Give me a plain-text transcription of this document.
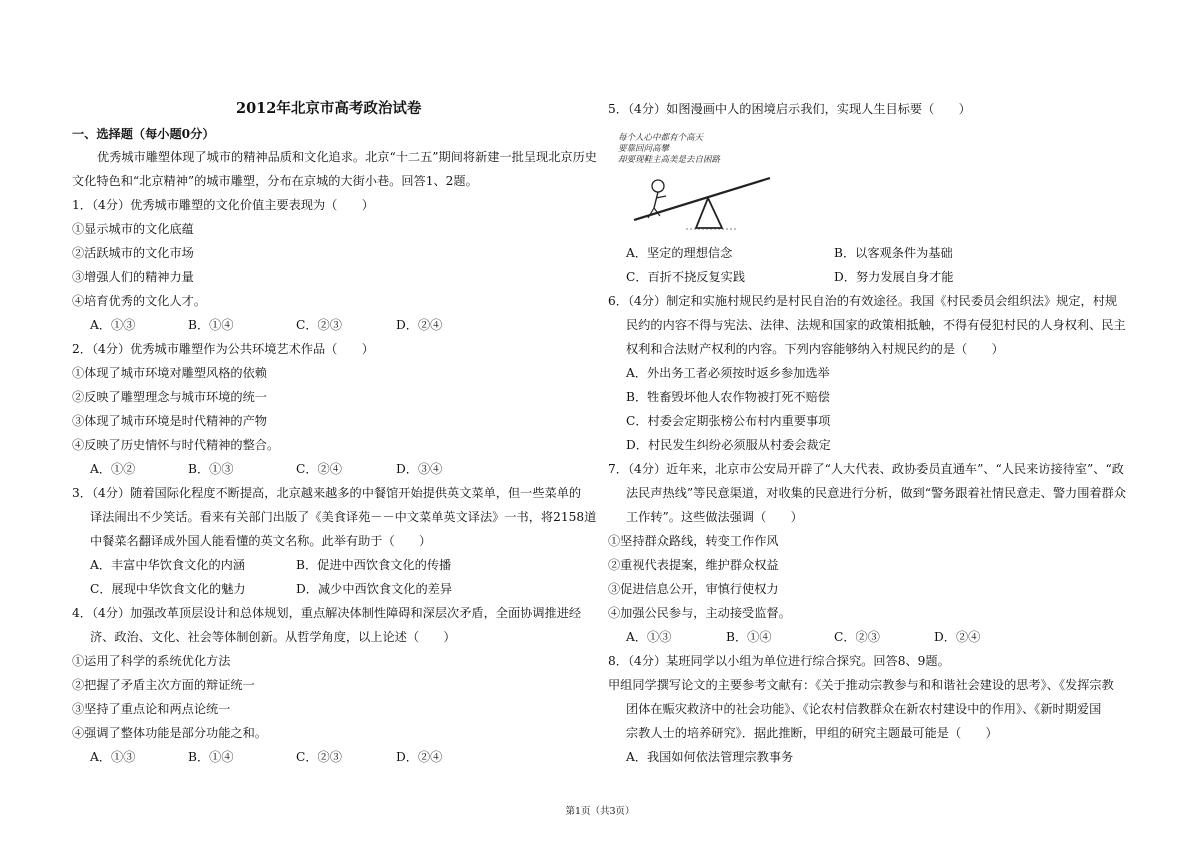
2012年北京市高考政治试卷
一、选择题（每小题0分）
优秀城市雕塑体现了城市的精神品质和文化追求。北京“十二五”期间将新建一批呈现北京历史
文化特色和“北京精神”的城市雕塑，分布在京城的大街小巷。回答1、2题。
1．（4分）优秀城市雕塑的文化价值主要表现为（　　）
①显示城市的文化底蕴
②活跃城市的文化市场
③增强人们的精神力量
④培育优秀的文化人才。
A．①③	B．①④	C．②③	D．②④
2．（4分）优秀城市雕塑作为公共环境艺术作品（　　）
①体现了城市环境对雕塑风格的依赖
②反映了雕塑理念与城市环境的统一
③体现了城市环境是时代精神的产物
④反映了历史情怀与时代精神的整合。
A．①②	B．①③	C．②④	D．③④
3．（4分）随着国际化程度不断提高，北京越来越多的中餐馆开始提供英文菜单，但一些菜单的
译法闹出不少笑话。看来有关部门出版了《美食译苑－－中文菜单英文译法》一书，将2158道
中餐菜名翻译成外国人能看懂的英文名称。此举有助于（　　）
A．丰富中华饮食文化的内涵	B．促进中西饮食文化的传播
C．展现中华饮食文化的魅力	D．减少中西饮食文化的差异
4．（4分）加强改革顶层设计和总体规划，重点解决体制性障碍和深层次矛盾，全面协调推进经
济、政治、文化、社会等体制创新。从哲学角度，以上论述（　　）
①运用了科学的系统优化方法
②把握了矛盾主次方面的辩证统一
③坚持了重点论和两点论统一
④强调了整体功能是部分功能之和。
A．①③	B．①④	C．②③	D．②④
5．（4分）如图漫画中人的困境启示我们，实现人生目标要（　　）
每个人心中都有个高天
要靠回问高攀
却要现鞋主高美是去自困路
A．坚定的理想信念	B．以客观条件为基础
C．百折不挠反复实践	D．努力发展自身才能
6．（4分）制定和实施村规民约是村民自治的有效途径。我国《村民委员会组织法》规定，村规
民约的内容不得与宪法、法律、法规和国家的政策相抵触，不得有侵犯村民的人身权利、民主
权利和合法财产权利的内容。下列内容能够纳入村规民约的是（　　）
A．外出务工者必须按时返乡参加选举
B．牲畜毁坏他人农作物被打死不赔偿
C．村委会定期张榜公布村内重要事项
D．村民发生纠纷必须服从村委会裁定
7．（4分）近年来，北京市公安局开辟了“人大代表、政协委员直通车”、“人民来访接待室”、“政
法民声热线”等民意渠道，对收集的民意进行分析，做到“警务跟着社情民意走、警力围着群众
工作转”。这些做法强调（　　）
①坚持群众路线，转变工作作风
②重视代表提案，维护群众权益
③促进信息公开，审慎行使权力
④加强公民参与，主动接受监督。
A．①③	B．①④	C．②③	D．②④
8．（4分）某班同学以小组为单位进行综合探究。回答8、9题。
甲组同学撰写论文的主要参考文献有：《关于推动宗教参与和和谐社会建设的思考》、《发挥宗教
团体在赈灾救济中的社会功能》、《论农村信教群众在新农村建设中的作用》、《新时期爱国
宗教人士的培养研究》．据此推断，甲组的研究主题最可能是（　　）
A．我国如何依法管理宗教事务
第1页（共3页）
